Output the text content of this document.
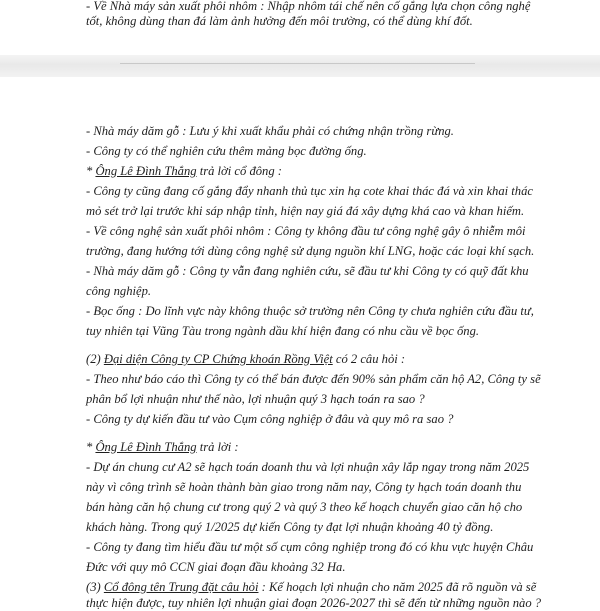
- Về Nhà máy sản xuất phôi nhôm : Nhập nhôm tái chế nên cố gắng lựa chọn công nghệ
tốt, không dùng than đá làm ảnh hưởng đến môi trường, có thể dùng khí đốt.
- Nhà máy dăm gỗ : Lưu ý khi xuất khẩu phải có chứng nhận trồng rừng.
- Công ty có thể nghiên cứu thêm mảng bọc đường ống.
* Ông Lê Đình Thắng trả lời cổ đông :
- Công ty cũng đang cố gắng đẩy nhanh thủ tục xin hạ cote khai thác đá và xin khai thác
mỏ sét trở lại trước khi sáp nhập tỉnh, hiện nay giá đá xây dựng khá cao và khan hiếm.
- Về công nghệ sản xuất phôi nhôm : Công ty không đầu tư công nghệ gây ô nhiễm môi
trường, đang hướng tới dùng công nghệ sử dụng nguồn khí LNG, hoặc các loại khí sạch.
- Nhà máy dăm gỗ : Công ty vẫn đang nghiên cứu, sẽ đầu tư khi Công ty có quỹ đất khu
công nghiệp.
- Bọc ống : Do lĩnh vực này không thuộc sở trường nên Công ty chưa nghiên cứu đầu tư,
tuy nhiên tại Vũng Tàu trong ngành dầu khí hiện đang có nhu cầu về bọc ống.
(2) Đại diện Công ty CP Chứng khoán Rồng Việt có 2 câu hỏi :
- Theo như báo cáo thì Công ty có thể bán được đến 90% sản phẩm căn hộ A2, Công ty sẽ
phân bổ lợi nhuận như thế nào, lợi nhuận quý 3 hạch toán ra sao ?
- Công ty dự kiến đầu tư vào Cụm công nghiệp ở đâu và quy mô ra sao ?
* Ông Lê Đình Thắng trả lời :
- Dự án chung cư A2 sẽ hạch toán doanh thu và lợi nhuận xây lắp ngay trong năm 2025
này vì công trình sẽ hoàn thành bàn giao trong năm nay, Công ty hạch toán doanh thu
bán hàng căn hộ chung cư trong quý 2 và quý 3 theo kế hoạch chuyển giao căn hộ cho
khách hàng. Trong quý 1/2025 dự kiến Công ty đạt lợi nhuận khoảng 40 tỷ đồng.
- Công ty đang tìm hiểu đầu tư một số cụm công nghiệp trong đó có khu vực huyện Châu
Đức với quy mô CCN giai đoạn đầu khoảng 32 Ha.
(3) Cổ đông tên Trung đặt câu hỏi : Kế hoạch lợi nhuận cho năm 2025 đã rõ nguồn và sẽ
thực hiện được, tuy nhiên lợi nhuận giai đoạn 2026-2027 thì sẽ đến từ những nguồn nào ?
